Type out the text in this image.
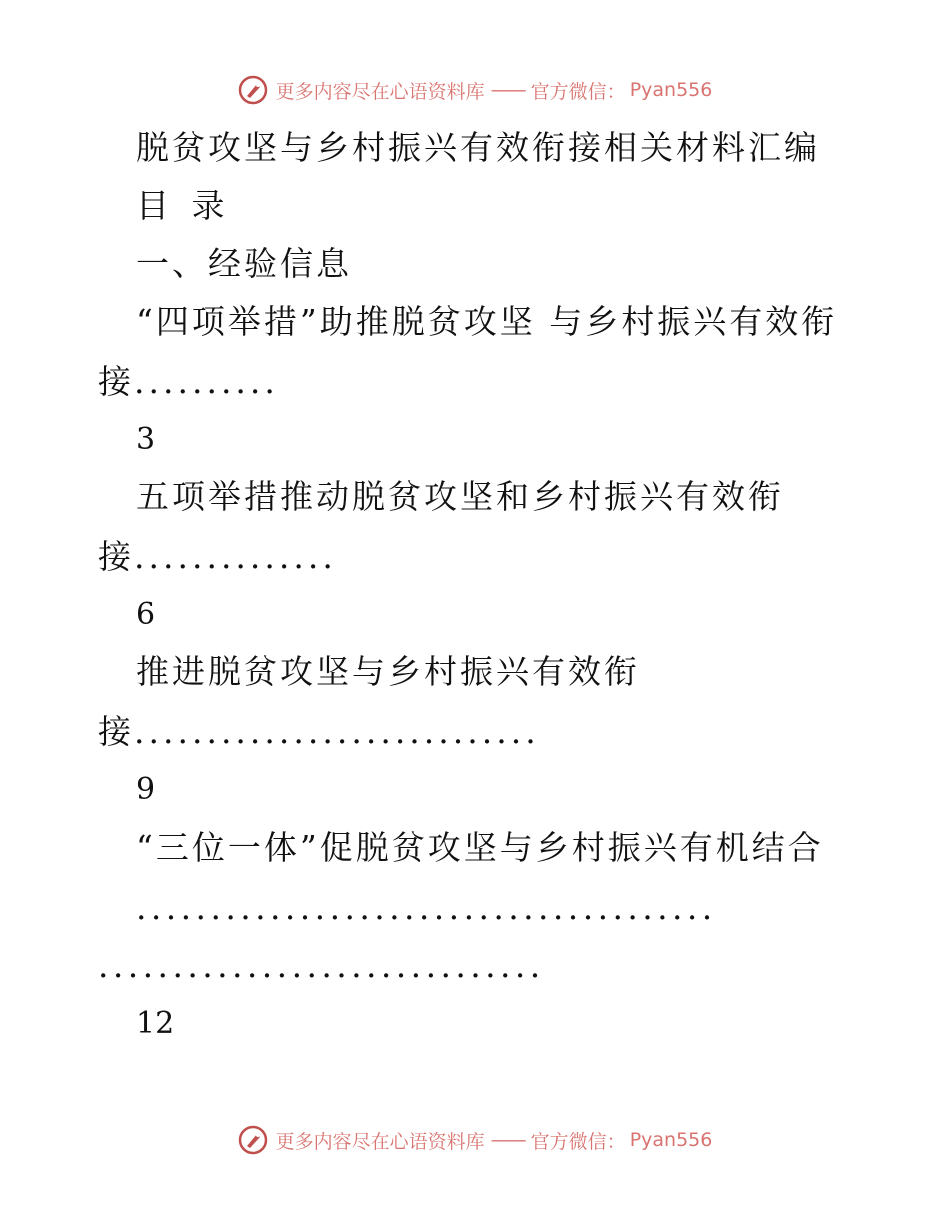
更多内容尽在心语资料库 —— 官方微信： Pyan556
脱贫攻坚与乡村振兴有效衔接相关材料汇编
目 录
一、经验信息
“四项举措”助推脱贫攻坚 与乡村振兴有效衔
接..........
3
五项举措推动脱贫攻坚和乡村振兴有效衔
接..............
6
推进脱贫攻坚与乡村振兴有效衔
接............................
9
“三位一体”促脱贫攻坚与乡村振兴有机结合
.......................................
..............................
12
更多内容尽在心语资料库 —— 官方微信： Pyan556
